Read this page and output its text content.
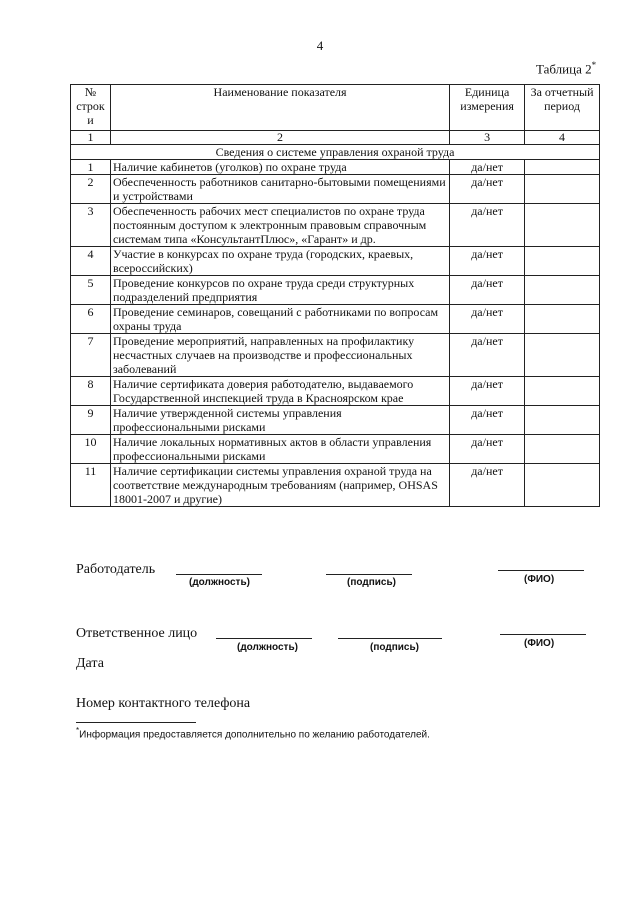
4
Таблица 2*
№ строк и	Наименование показателя	Единица измерения	За отчетный период
1	2	3	4
Сведения о системе управления охраной труда			
1	Наличие кабинетов (уголков) по охране труда	да/нет	
2	Обеспеченность работников санитарно-бытовыми помещениями и устройствами	да/нет	
3	Обеспеченность рабочих мест специалистов по охране труда постоянным доступом к электронным правовым справочным системам типа «КонсультантПлюс», «Гарант» и др.	да/нет	
4	Участие в конкурсах по охране труда (городских, краевых, всероссийских)	да/нет	
5	Проведение конкурсов по охране труда среди структурных подразделений предприятия	да/нет	
6	Проведение семинаров, совещаний с работниками по вопросам охраны труда	да/нет	
7	Проведение мероприятий, направленных на профилактику несчастных случаев на производстве и профессиональных заболеваний	да/нет	
8	Наличие сертификата доверия работодателю, выдаваемого Государственной инспекцией труда в Красноярском крае	да/нет	
9	Наличие утвержденной системы управления профессиональными рисками	да/нет	
10	Наличие локальных нормативных актов в области управления профессиональными рисками	да/нет	
11	Наличие сертификации системы управления охраной труда на соответствие международным требованиям (например, OHSAS 18001-2007 и другие)	да/нет	
Работодатель
(должность)	(подпись)	(ФИО)
Ответственное лицо
(должность)	(подпись)	(ФИО)
Дата
Номер контактного телефона
*Информация предоставляется дополнительно по желанию работодателей.
